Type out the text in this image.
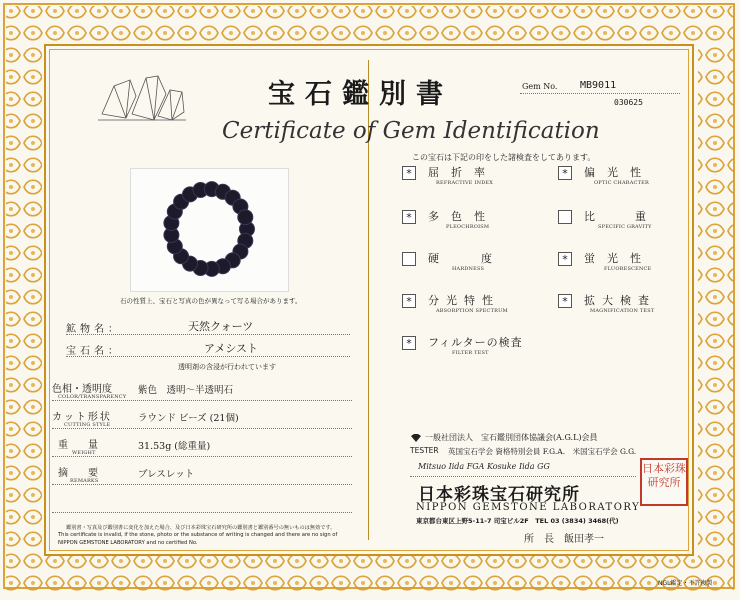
宝石鑑別書
Certificate of Gem Identification
Gem No. MB9011
030625
石の性質上、宝石と写真の色が異なって写る場合があります。
鉱物名：	天然クォーツ
宝石名：	アメシスト
透明剤の含浸が行われています
色相・透明度
COLOR/TRANSPARENCY
紫色　透明～半透明石
カット形状
CUTTING STYLE
ラウンド ビーズ (21個)
重　　量
WEIGHT
31.53g (総重量)
摘　　要
REMARKS
ブレスレット
鑑別書・写真及び鑑別書に変化を加えた場合、及び日本彩珠宝石研究所の鑑別書と鑑別番号の無いものは無効です。
This certificate is invalid, if the stone, photo or the substance of writing is changed and there are no sign of
NIPPON GEMSTONE LABORATORY and no certified No.
この宝石は下記の印をした諸検査をしてあります。
*	屈折率
REFRACTIVE INDEX
*	偏光性
OPTIC CHARACTER
*	多色性
PLEOCHROISM
比重
SPECIFIC GRAVITY
硬度
HARDNESS
*	蛍光性
FLUORESCENCE
*	分光特性
ABSORPTION SPECTRUM
*	拡大検査
MAGNIFICATION TEST
*	フィルターの検査
FILTER TEST
一般社団法人　宝石鑑別団体協議会(A.G.L)会員
TESTER 英国宝石学会 資格特別会員 F.G.A.　米国宝石学会 G.G.
Mitsuo Iida FGA Kosuke Iida GG
日本彩珠宝石研究所
NIPPON GEMSTONE LABORATORY
東京都台東区上野5-11-7 司宝ビル2F　TEL 03 (3834) 3468(代)
所　長　飯田孝一
日本彩珠研究所
NGL鑑定・不許複製
